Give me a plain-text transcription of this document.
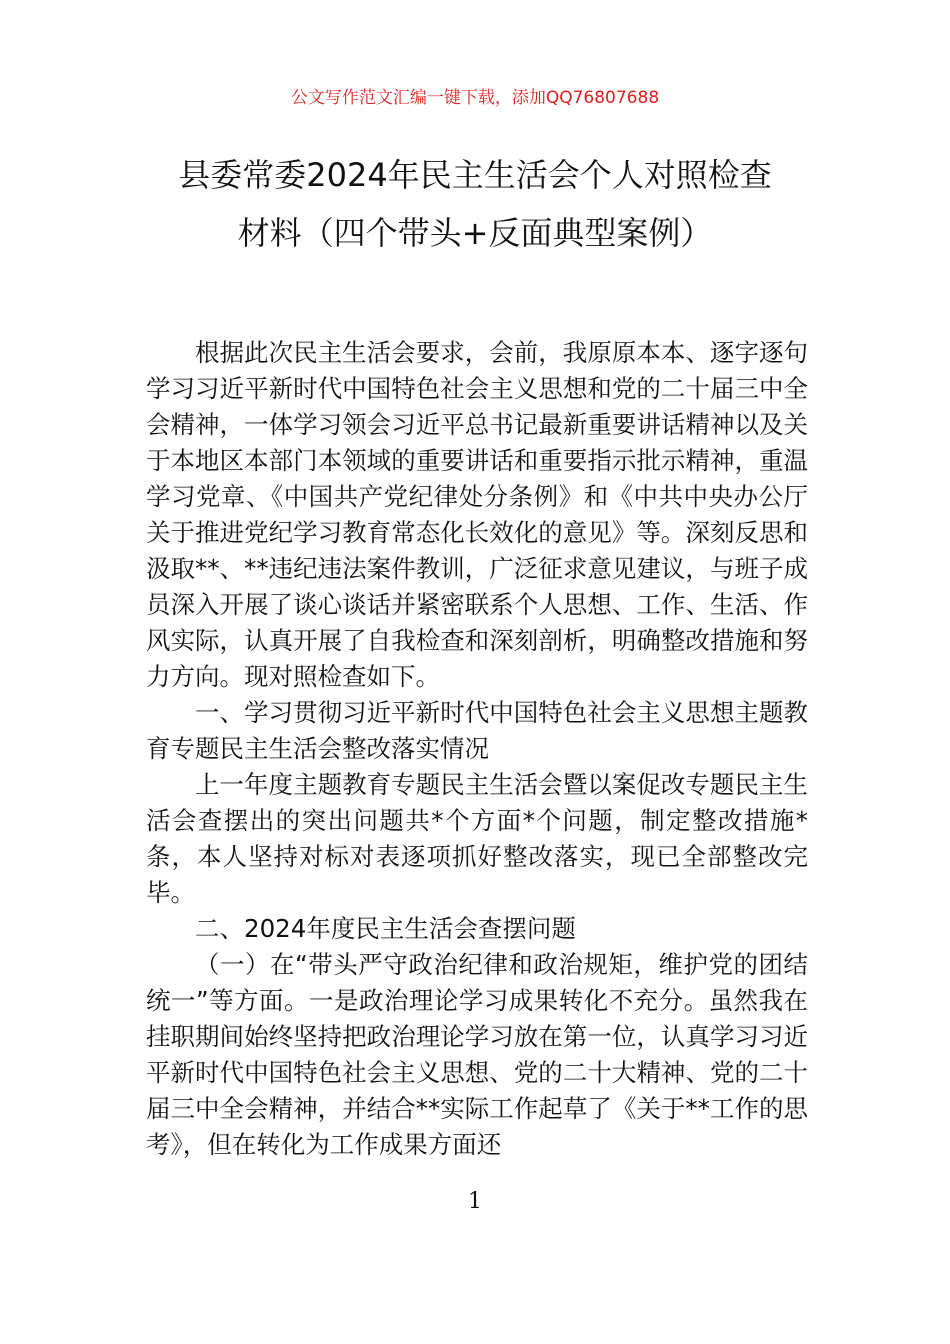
公文写作范文汇编一键下载，添加QQ76807688
县委常委2024年民主生活会个人对照检查
材料（四个带头+反面典型案例）

根据此次民主生活会要求，会前，我原原本本、逐字逐句学习习近平新时代中国特色社会主义思想和党的二十届三中全会精神，一体学习领会习近平总书记最新重要讲话精神以及关于本地区本部门本领域的重要讲话和重要指示批示精神，重温学习党章、《中国共产党纪律处分条例》和《中共中央办公厅关于推进党纪学习教育常态化长效化的意见》等。深刻反思和汲取**、**违纪违法案件教训，广泛征求意见建议，与班子成员深入开展了谈心谈话并紧密联系个人思想、工作、生活、作风实际，认真开展了自我检查和深刻剖析，明确整改措施和努力方向。现对照检查如下。

一、学习贯彻习近平新时代中国特色社会主义思想主题教育专题民主生活会整改落实情况

上一年度主题教育专题民主生活会暨以案促改专题民主生活会查摆出的突出问题共*个方面*个问题，制定整改措施*条，本人坚持对标对表逐项抓好整改落实，现已全部整改完毕。

二、2024年度民主生活会查摆问题

（一）在“带头严守政治纪律和政治规矩，维护党的团结统一”等方面。一是政治理论学习成果转化不充分。虽然我在挂职期间始终坚持把政治理论学习放在第一位，认真学习习近平新时代中国特色社会主义思想、党的二十大精神、党的二十届三中全会精神，并结合**实际工作起草了《关于**工作的思考》，但在转化为工作成果方面还

1
